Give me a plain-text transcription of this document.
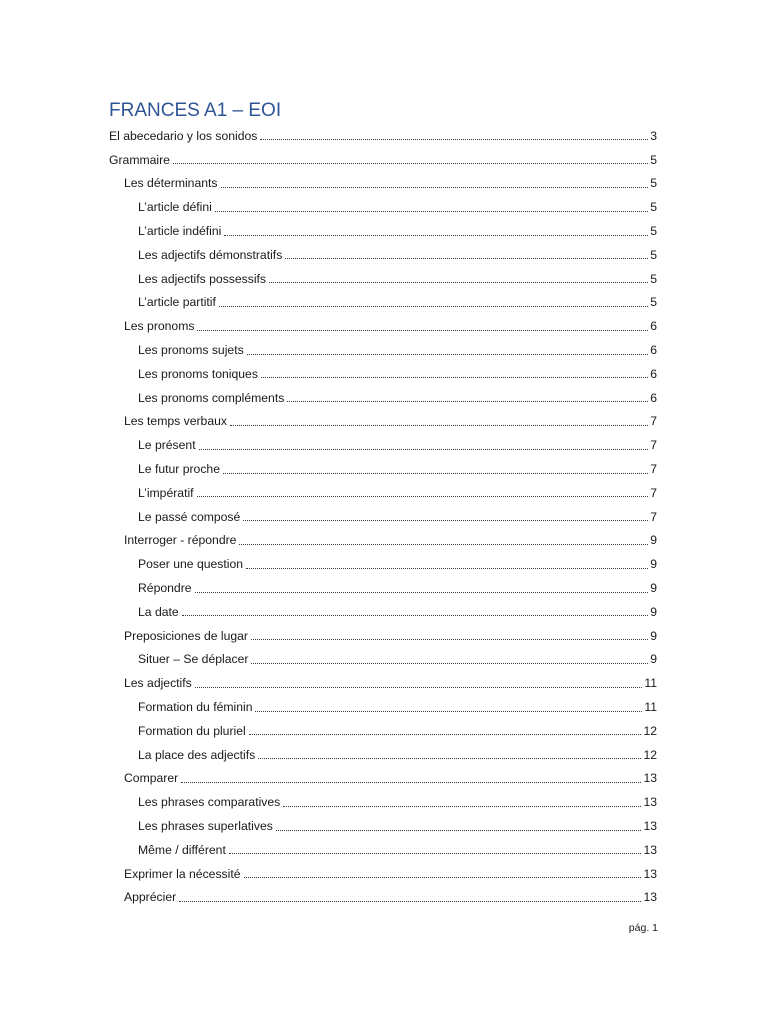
FRANCES A1 – EOI
El abecedario y los sonidos	3
Grammaire	5
Les déterminants	5
L’article défini	5
L’article indéfini	5
Les adjectifs démonstratifs	5
Les adjectifs possessifs	5
L’article partitif	5
Les pronoms	6
Les pronoms sujets	6
Les pronoms toniques	6
Les pronoms compléments	6
Les temps verbaux	7
Le présent	7
Le futur proche	7
L’impératif	7
Le passé composé	7
Interroger - répondre	9
Poser une question	9
Répondre	9
La date	9
Preposiciones de lugar	9
Situer – Se déplacer	9
Les adjectifs	11
Formation du féminin	11
Formation du pluriel	12
La place des adjectifs	12
Comparer	13
Les phrases comparatives	13
Les phrases superlatives	13
Même / différent	13
Exprimer la nécessité	13
Apprécier	13
pág. 1
